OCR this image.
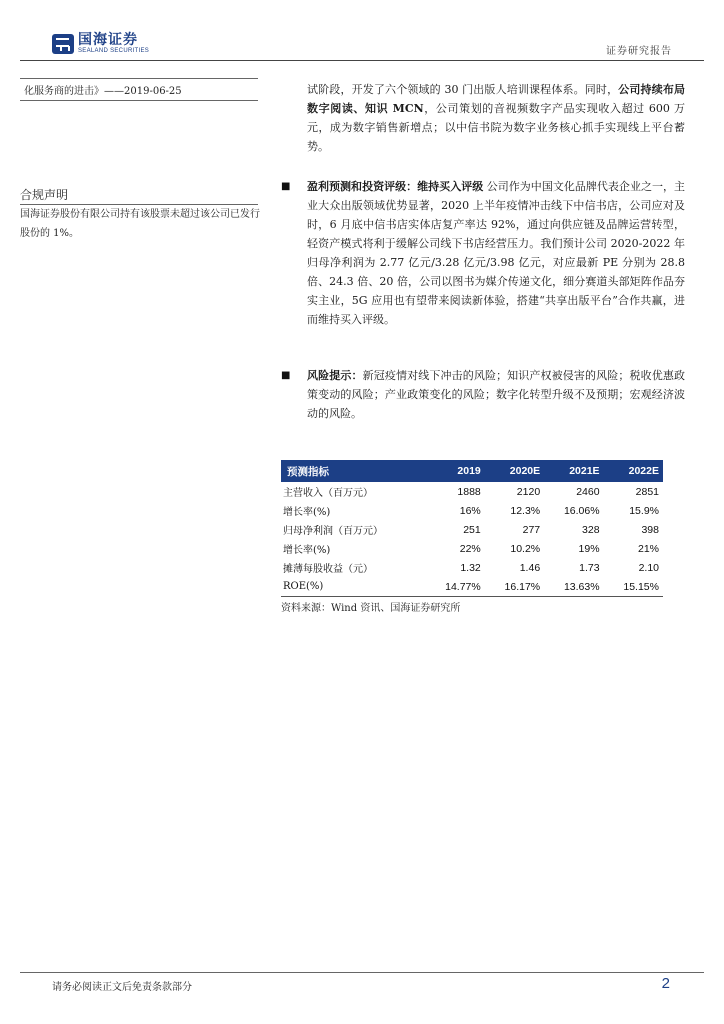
国海证券
SEALAND SECURITIES	证券研究报告
化服务商的进击》——2019-06-25
合规声明
国海证券股份有限公司持有该股票未超过该公司已发行股份的 1%。
试阶段，开发了六个领域的 30 门出版人培训课程体系。同时，公司持续布局数字阅读、知识 MCN，公司策划的音视频数字产品实现收入超过 600 万元，成为数字销售新增点；以中信书院为数字业务核心抓手实现线上平台蓄势。
■ 盈利预测和投资评级：维持买入评级 公司作为中国文化品牌代表企业之一，主业大众出版领域优势显著，2020 上半年疫情冲击线下中信书店，公司应对及时，6 月底中信书店实体店复产率达 92%，通过向供应链及品牌运营转型，轻资产模式将利于缓解公司线下书店经营压力。我们预计公司 2020-2022 年归母净利润为 2.77 亿元/3.28 亿元/3.98 亿元，对应最新 PE 分别为 28.8 倍、24.3 倍、20 倍，公司以图书为媒介传递文化，细分赛道头部矩阵作品夯实主业，5G 应用也有望带来阅读新体验，搭建“共享出版平台”合作共赢，进而维持买入评级。
■ 风险提示：新冠疫情对线下冲击的风险；知识产权被侵害的风险；税收优惠政策变动的风险；产业政策变化的风险；数字化转型升级不及预期；宏观经济波动的风险。
预测指标	2019	2020E	2021E	2022E
主营收入（百万元）	1888	2120	2460	2851
增长率(%)	16%	12.3%	16.06%	15.9%
归母净利润（百万元）	251	277	328	398
增长率(%)	22%	10.2%	19%	21%
摊薄每股收益（元）	1.32	1.46	1.73	2.10
ROE(%)	14.77%	16.17%	13.63%	15.15%
资料来源：Wind 资讯、国海证券研究所
请务必阅读正文后免责条款部分	2
